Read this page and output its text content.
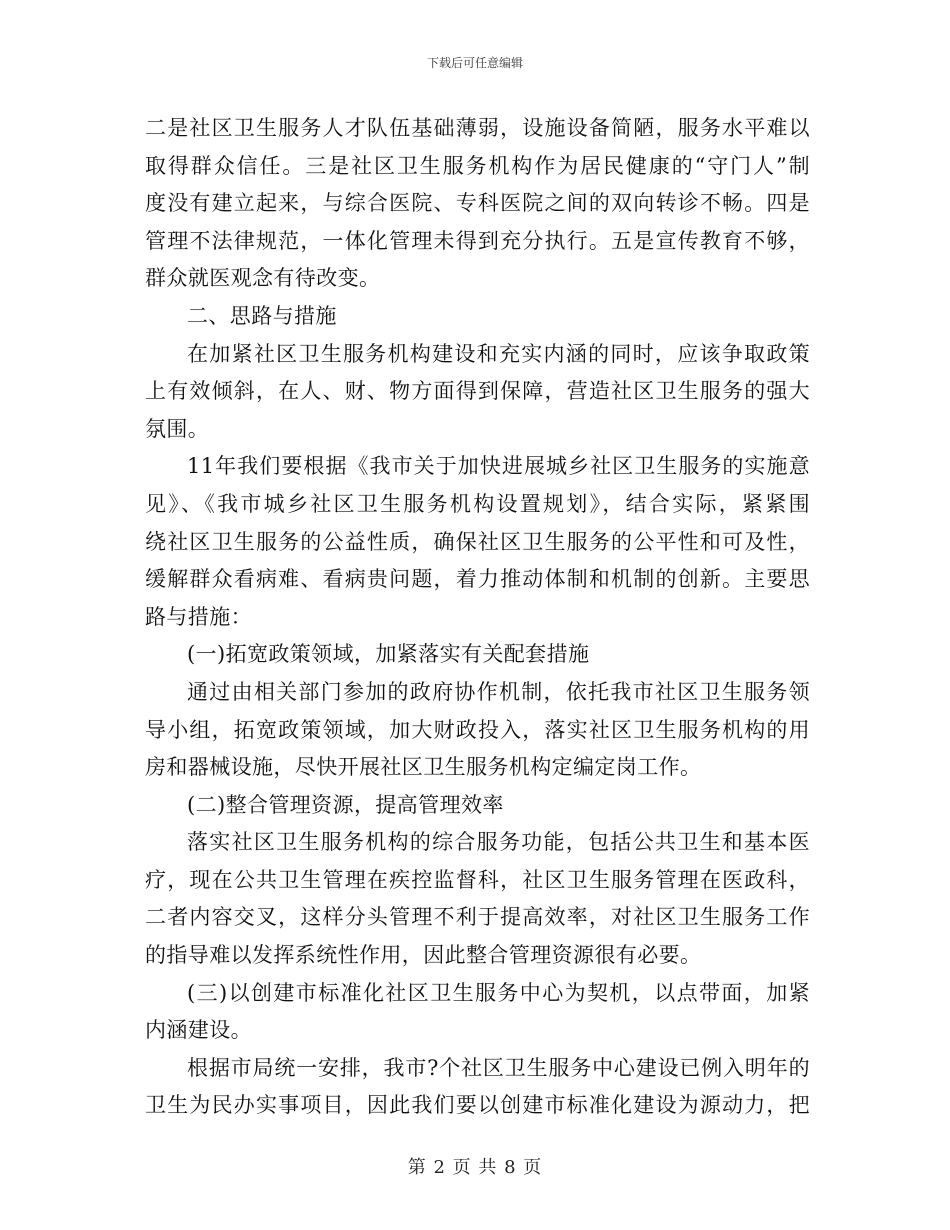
下载后可任意编辑
二是社区卫生服务人才队伍基础薄弱，设施设备简陋，服务水平难以
取得群众信任。三是社区卫生服务机构作为居民健康的“守门人”制
度没有建立起来，与综合医院、专科医院之间的双向转诊不畅。四是
管理不法律规范，一体化管理未得到充分执行。五是宣传教育不够，
群众就医观念有待改变。
二、思路与措施
在加紧社区卫生服务机构建设和充实内涵的同时，应该争取政策
上有效倾斜，在人、财、物方面得到保障，营造社区卫生服务的强大
氛围。
11年我们要根据《我市关于加快进展城乡社区卫生服务的实施意
见》、《我市城乡社区卫生服务机构设置规划》，结合实际，紧紧围
绕社区卫生服务的公益性质，确保社区卫生服务的公平性和可及性，
缓解群众看病难、看病贵问题，着力推动体制和机制的创新。主要思
路与措施：
(一)拓宽政策领域，加紧落实有关配套措施
通过由相关部门参加的政府协作机制，依托我市社区卫生服务领
导小组，拓宽政策领域，加大财政投入，落实社区卫生服务机构的用
房和器械设施，尽快开展社区卫生服务机构定编定岗工作。
(二)整合管理资源，提高管理效率
落实社区卫生服务机构的综合服务功能，包括公共卫生和基本医
疗，现在公共卫生管理在疾控监督科，社区卫生服务管理在医政科，
二者内容交叉，这样分头管理不利于提高效率，对社区卫生服务工作
的指导难以发挥系统性作用，因此整合管理资源很有必要。
(三)以创建市标准化社区卫生服务中心为契机，以点带面，加紧
内涵建设。
根据市局统一安排，我市?个社区卫生服务中心建设已例入明年的
卫生为民办实事项目，因此我们要以创建市标准化建设为源动力，把
第 2 页 共 8 页
